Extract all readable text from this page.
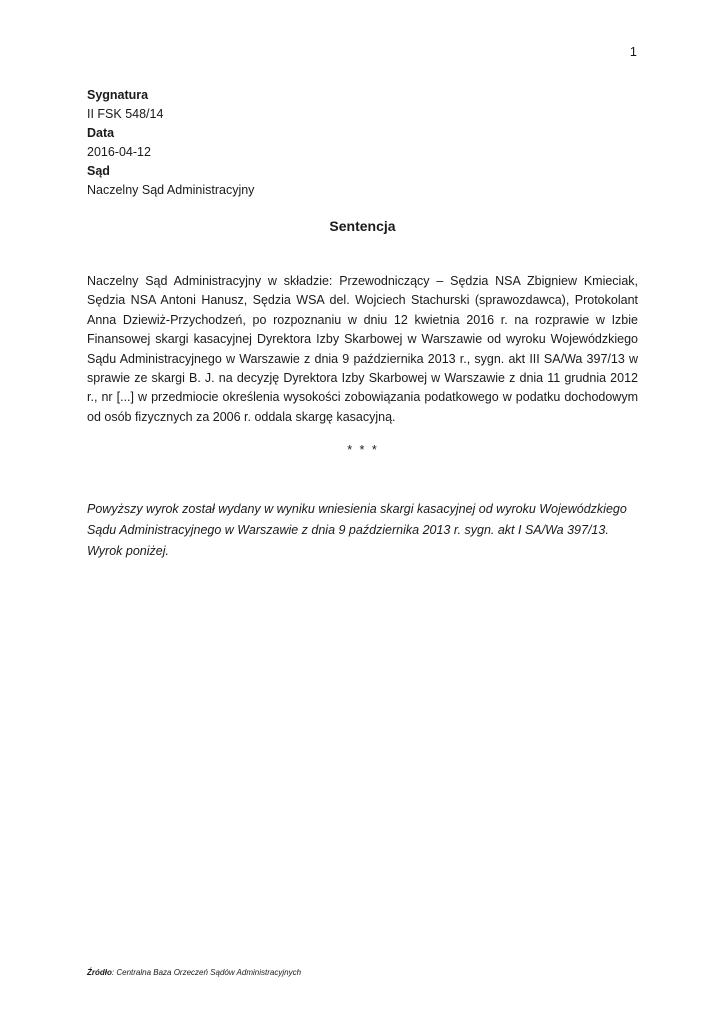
1
Sygnatura
II FSK 548/14
Data
2016-04-12
Sąd
Naczelny Sąd Administracyjny
Sentencja
Naczelny Sąd Administracyjny w składzie: Przewodniczący – Sędzia NSA Zbigniew Kmieciak, Sędzia NSA Antoni Hanusz, Sędzia WSA del. Wojciech Stachurski (sprawozdawca), Protokolant Anna Dziewiż-Przychodzeń, po rozpoznaniu w dniu 12 kwietnia 2016 r. na rozprawie w Izbie Finansowej skargi kasacyjnej Dyrektora Izby Skarbowej w Warszawie od wyroku Wojewódzkiego Sądu Administracyjnego w Warszawie z dnia 9 października 2013 r., sygn. akt III SA/Wa 397/13 w sprawie ze skargi B. J. na decyzję Dyrektora Izby Skarbowej w Warszawie z dnia 11 grudnia 2012 r., nr [...] w przedmiocie określenia wysokości zobowiązania podatkowego w podatku dochodowym od osób fizycznych za 2006 r. oddala skargę kasacyjną.
* * *
Powyższy wyrok został wydany w wyniku wniesienia skargi kasacyjnej od wyroku Wojewódzkiego Sądu Administracyjnego w Warszawie z dnia 9 października 2013 r. sygn. akt I SA/Wa 397/13. Wyrok poniżej.
Źródło: Centralna Baza Orzeczeń Sądów Administracyjnych
